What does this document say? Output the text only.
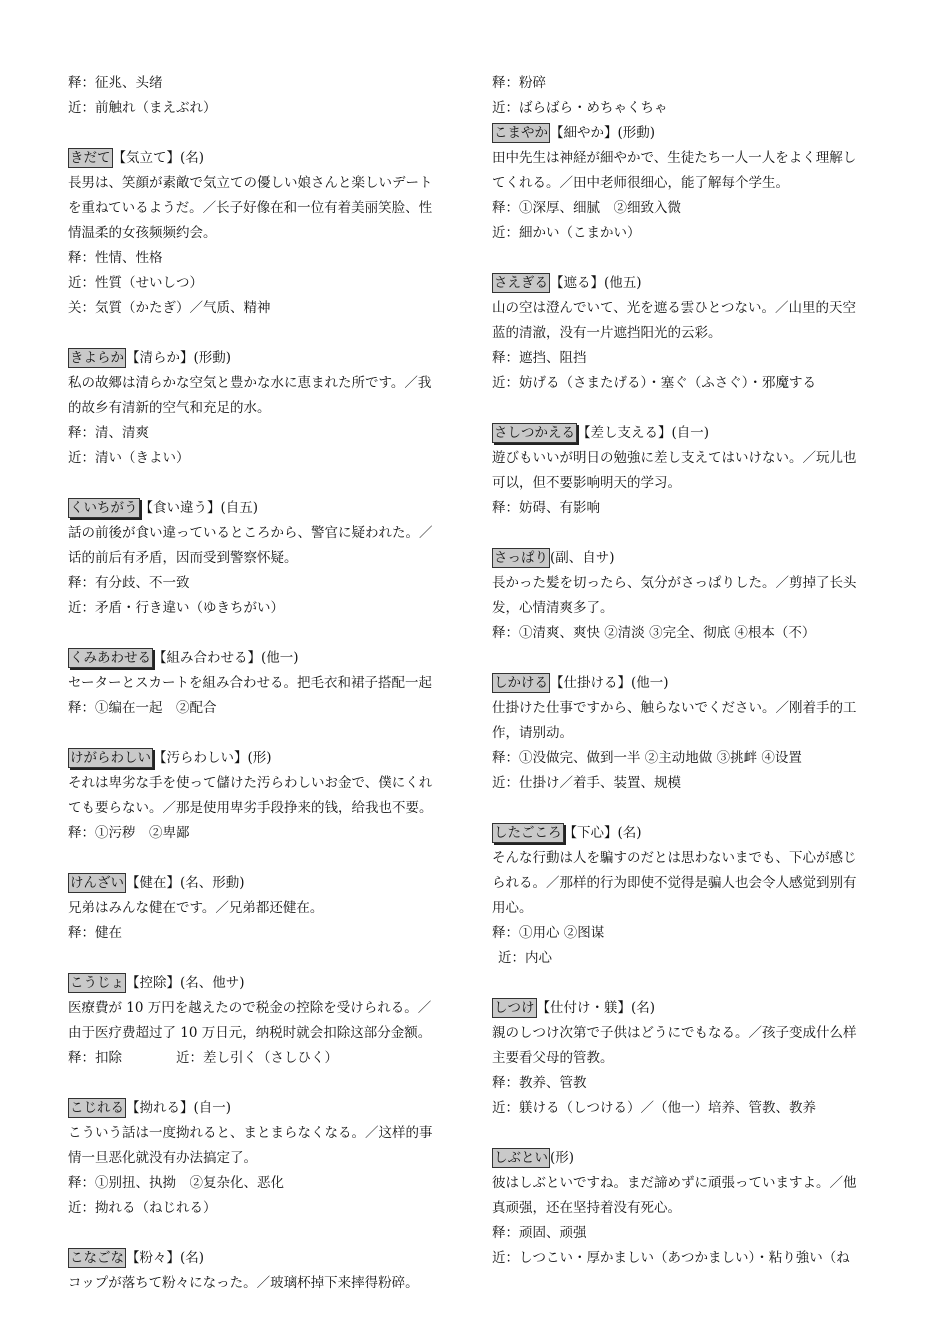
释：征兆、头绪
近：前触れ（まえぶれ）
きだて 【気立て】(名)
長男は、笑顔が素敵で気立ての優しい娘さんと楽しいデート
を重ねているようだ。／长子好像在和一位有着美丽笑脸、性
情温柔的女孩频频约会。
释：性情、性格
近：性質（せいしつ）
关：気質（かたぎ）／气质、精神
きよらか 【清らか】(形動)
私の故郷は清らかな空気と豊かな水に恵まれた所です。／我
的故乡有清新的空气和充足的水。
释：清、清爽
近：清い（きよい）
くいちがう 【食い違う】(自五)
話の前後が食い違っているところから、警官に疑われた。／
话的前后有矛盾，因而受到警察怀疑。
释：有分歧、不一致
近：矛盾・行き違い（ゆきちがい）
くみあわせる 【組み合わせる】(他一)
セーターとスカートを組み合わせる。把毛衣和裙子搭配一起
释：①编在一起　②配合
けがらわしい 【汚らわしい】(形)
それは卑劣な手を使って儲けた汚らわしいお金で、僕にくれ
ても要らない。／那是使用卑劣手段挣来的钱，给我也不要。
释：①污秽　②卑鄙
けんざい 【健在】(名、形動)
兄弟はみんな健在です。／兄弟都还健在。
释：健在
こうじょ 【控除】(名、他サ)
医療費が 10 万円を越えたので税金の控除を受けられる。／
由于医疗费超过了 10 万日元，纳税时就会扣除这部分金额。
释：扣除　　　　近：差し引く（さしひく）
こじれる 【拗れる】(自一)
こういう話は一度拗れると、まとまらなくなる。／这样的事
情一旦恶化就没有办法搞定了。
释：①别扭、执拗　②复杂化、恶化
近：拗れる（ねじれる）
こなごな 【粉々】(名)
コップが落ちて粉々になった。／玻璃杯掉下来摔得粉碎。
释：粉碎
近：ばらばら・めちゃくちゃ
こまやか 【細やか】(形動)
田中先生は神経が細やかで、生徒たち一人一人をよく理解し
てくれる。／田中老师很细心，能了解每个学生。
释：①深厚、细腻　②细致入微
近：細かい（こまかい）
さえぎる 【遮る】(他五)
山の空は澄んでいて、光を遮る雲ひとつない。／山里的天空
蓝的清澈，没有一片遮挡阳光的云彩。
释：遮挡、阻挡
近：妨げる（さまたげる）・塞ぐ（ふさぐ）・邪魔する
さしつかえる 【差し支える】(自一)
遊びもいいが明日の勉強に差し支えてはいけない。／玩儿也
可以，但不要影响明天的学习。
释：妨碍、有影响
さっぱり (副、自サ)
長かった髪を切ったら、気分がさっぱりした。／剪掉了长头
发，心情清爽多了。
释：①清爽、爽快 ②清淡 ③完全、彻底 ④根本（不）
しかける 【仕掛ける】(他一)
仕掛けた仕事ですから、触らないでください。／刚着手的工
作，请别动。
释：①没做完、做到一半 ②主动地做 ③挑衅 ④设置
近：仕掛け／着手、装置、规模
したごころ 【下心】(名)
そんな行動は人を騙すのだとは思わないまでも、下心が感じ
られる。／那样的行为即使不觉得是骗人也会令人感觉到别有
用心。
释：①用心 ②图谋
近：内心
しつけ 【仕付け・躾】(名)
親のしつけ次第で子供はどうにでもなる。／孩子变成什么样
主要看父母的管教。
释：教养、管教
近：躾ける（しつける）／（他一）培养、管教、教养
しぶとい (形)
彼はしぶといですね。まだ諦めずに頑張っていますよ。／他
真顽强，还在坚持着没有死心。
释：顽固、顽强
近：しつこい・厚かましい（あつかましい）・粘り強い（ね
